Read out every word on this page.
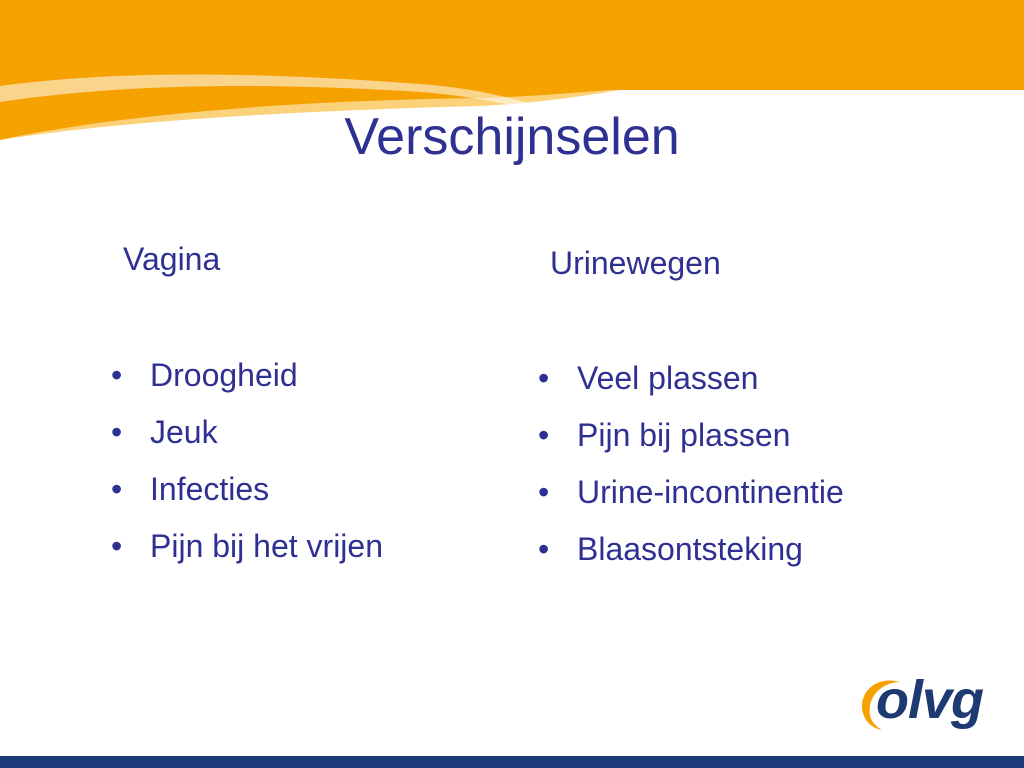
Verschijnselen
Vagina	Urinewegen
• Droogheid
• Jeuk
• Infecties
• Pijn bij het vrijen
• Veel plassen
• Pijn bij plassen
• Urine-incontinentie
• Blaasontsteking
olvg
